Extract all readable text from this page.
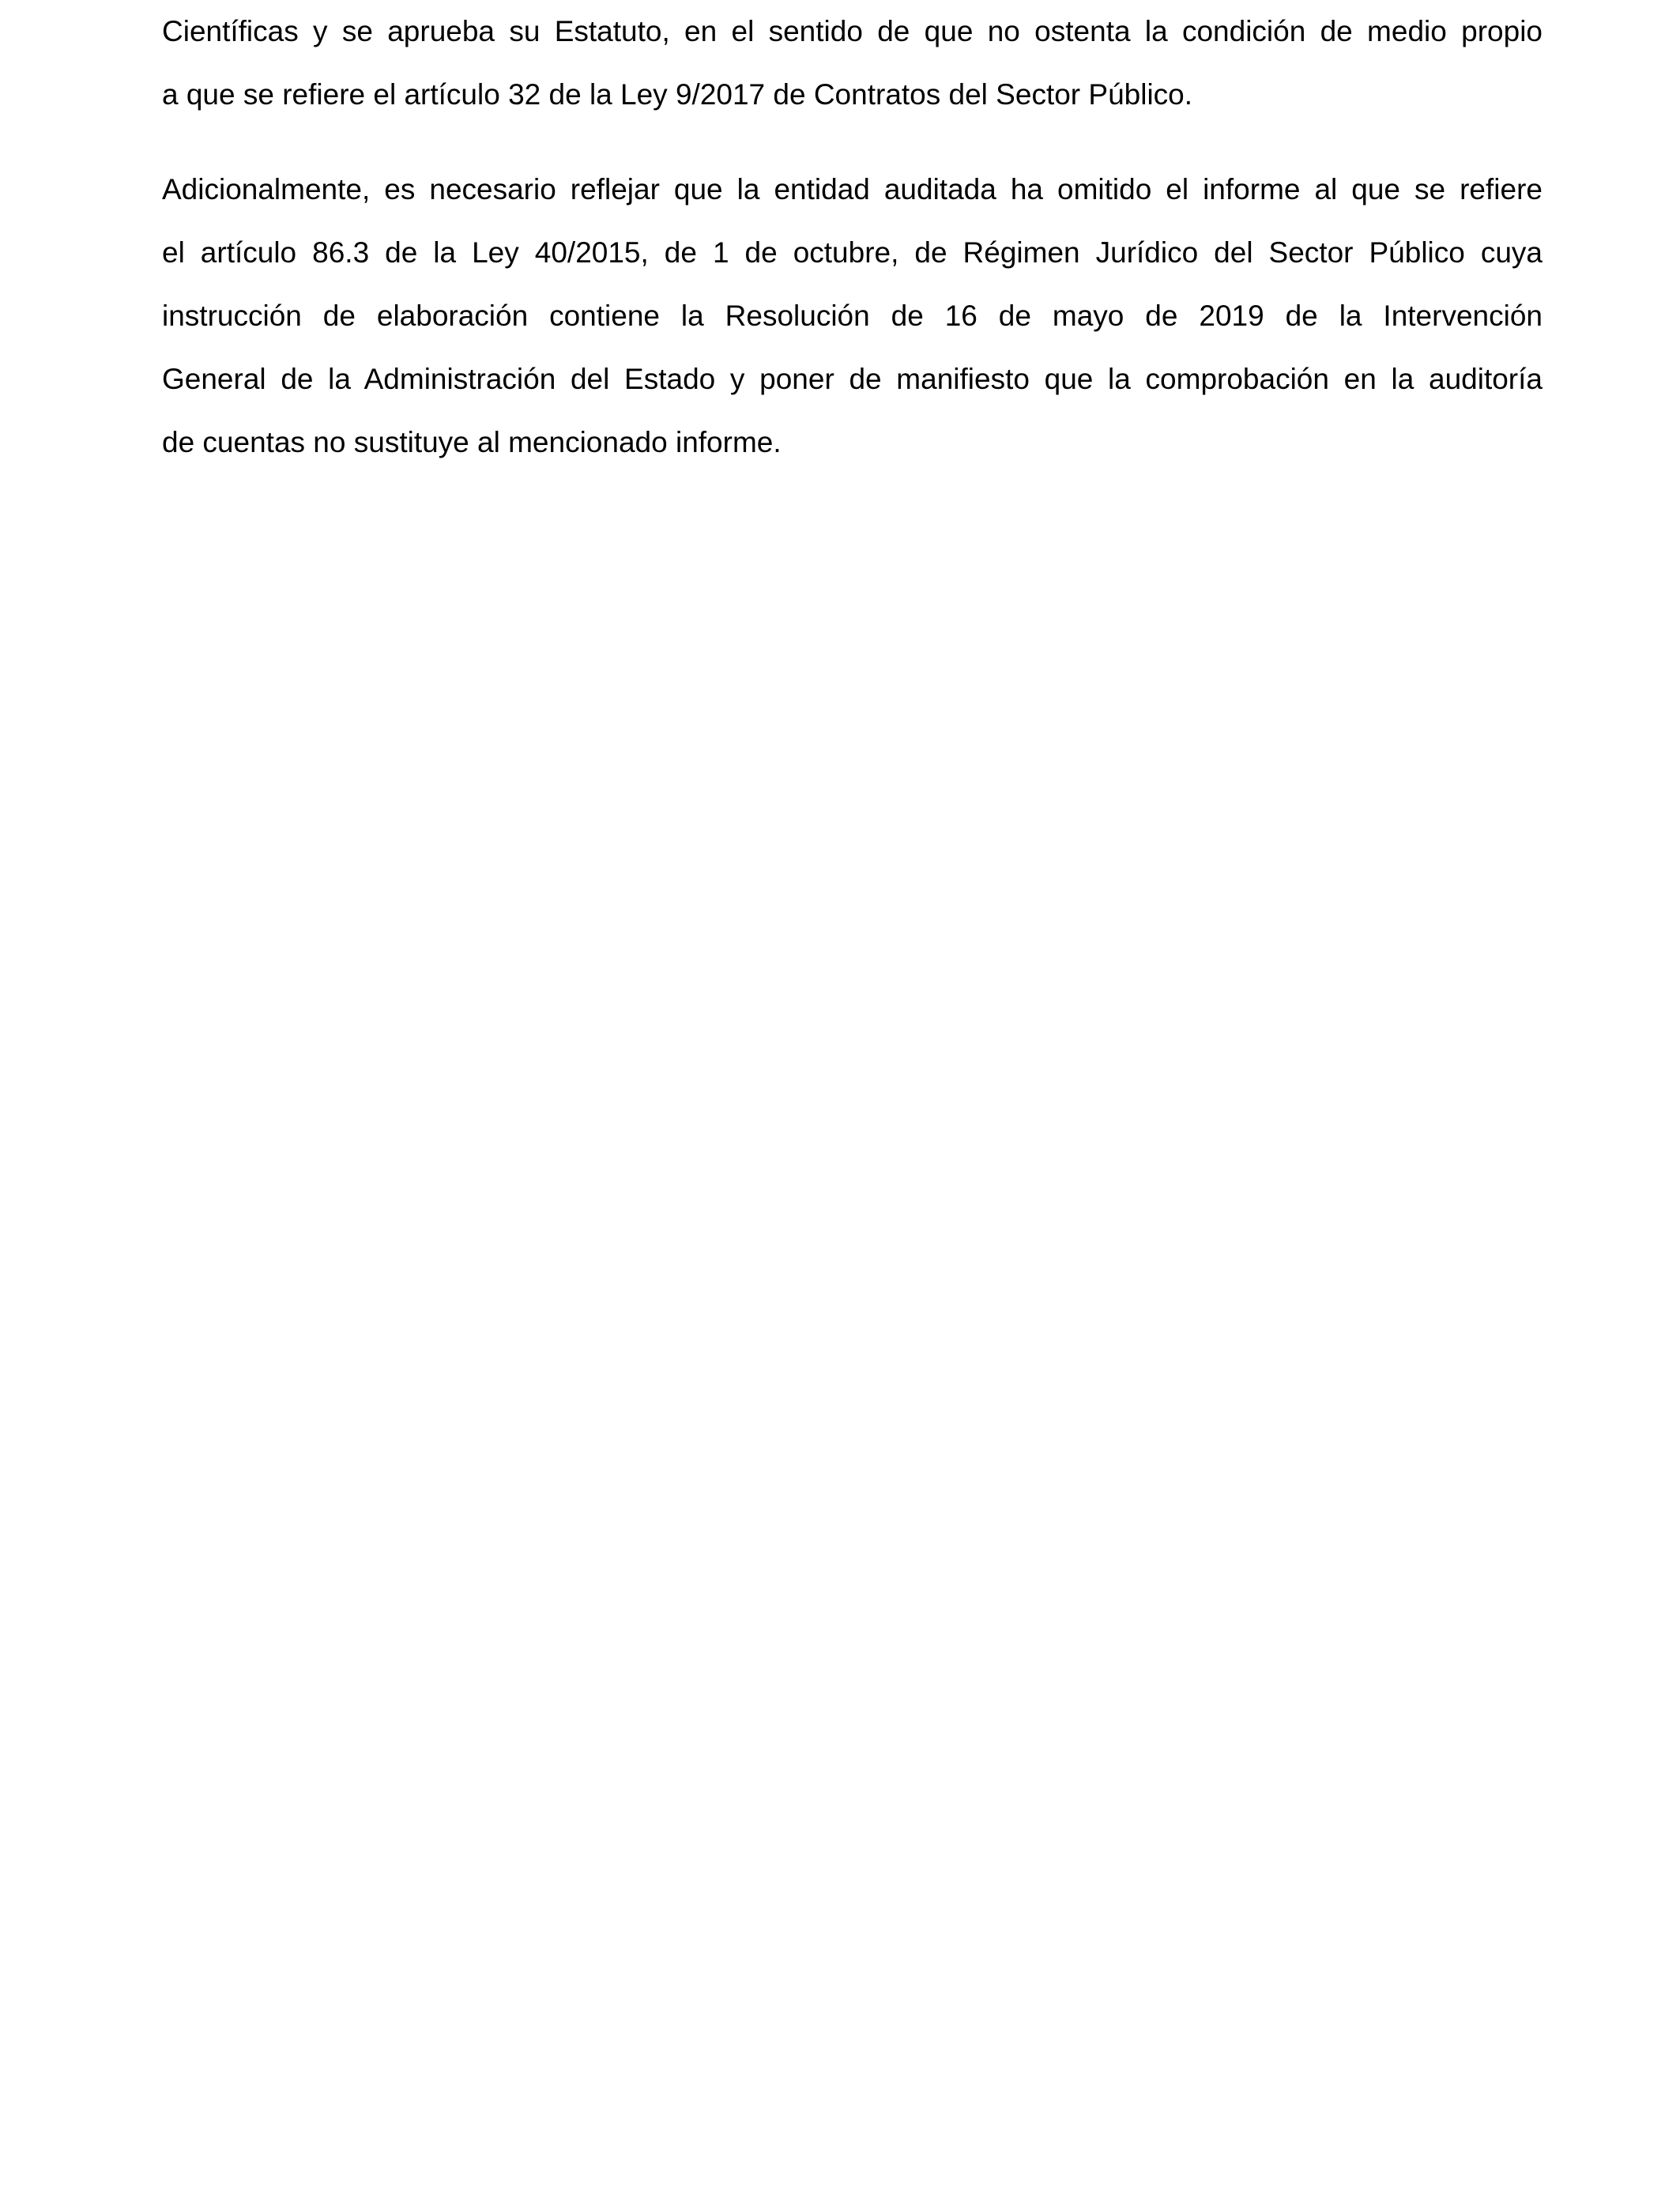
Científicas y se aprueba su Estatuto, en el sentido de que no ostenta la condición de medio propio
a que se refiere el artículo 32 de la Ley 9/2017 de Contratos del Sector Público.
Adicionalmente, es necesario reflejar que la entidad auditada ha omitido el informe al que se refiere
el artículo 86.3 de la Ley 40/2015, de 1 de octubre, de Régimen Jurídico del Sector Público cuya
instrucción de elaboración contiene la Resolución de 16 de mayo de 2019 de la Intervención
General de la Administración del Estado y poner de manifiesto que la comprobación en la auditoría
de cuentas no sustituye al mencionado informe.
